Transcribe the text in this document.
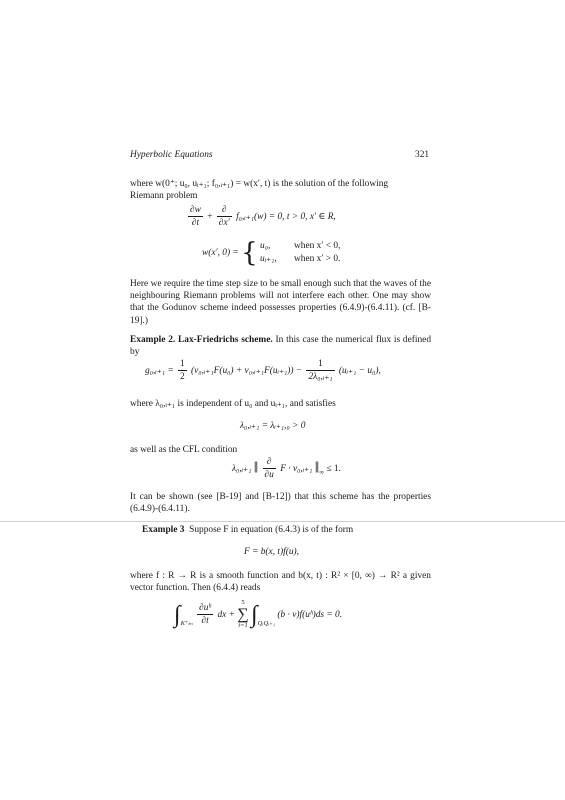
Hyperbolic Equations	321
where w(0⁺; u₀, uᵢ₊₁; f₀,ᵢ₊₁) = w(x′, t) is the solution of the following
Riemann problem
$\frac{\partial w}{\partial t} + \frac{\partial}{\partial x'}$ f₀,ᵢ₊₁(w) = 0, t > 0, x′ ∈ R,
w(x′, 0) = { u₀,	when x′ < 0,
uᵢ₊₁, when x′ > 0.
Here we require the time step size to be small enough such that the waves of the neighbouring Riemann problems will not interfere each other. One may show that the Godunov scheme indeed possesses properties (6.4.9)-(6.4.11). (cf. [B-19].)
Example 2. Lax-Friedrichs scheme. In this case the numerical flux is defined by
g₀,ᵢ₊₁ = $\frac{1}{2}$ (ν₀,ᵢ₊₁F(u₀) + ν₀,ᵢ₊₁F(uᵢ₊₁)) − $\frac{1}{\text{2λ₀,ᵢ₊₁}}$ (uᵢ₊₁ − u₀),
where λ₀,ᵢ₊₁ is independent of u₀ and uᵢ₊₁, and satisfies
λ₀,ᵢ₊₁ = λᵢ₊₁,₀ > 0
as well as the CFL condition
λ₀,ᵢ₊₁ ‖ $\frac{\partial}{\partial u}$ F · ν₀,ᵢ₊₁ $‖_\infty \le 1$.
It can be shown (see [B-19] and [B-12]) that this scheme has the properties (6.4.9)-(6.4.11).
Example 3 Suppose F in equation (6.4.3) is of the form
F = b(x, t)f(u),
where f : R → R is a smooth function and b(x, t) : R² × [0, ∞) → R² a given vector function. Then (6.4.4) reads
$\int_{K^+_{tn}} \frac{\text{∂uʰ}}{\partial t}$ dx +
5
∑
i=1 $\int_{QᵢQᵢ_{+1}}$ (b · ν)f(uʰ)ds = 0.
